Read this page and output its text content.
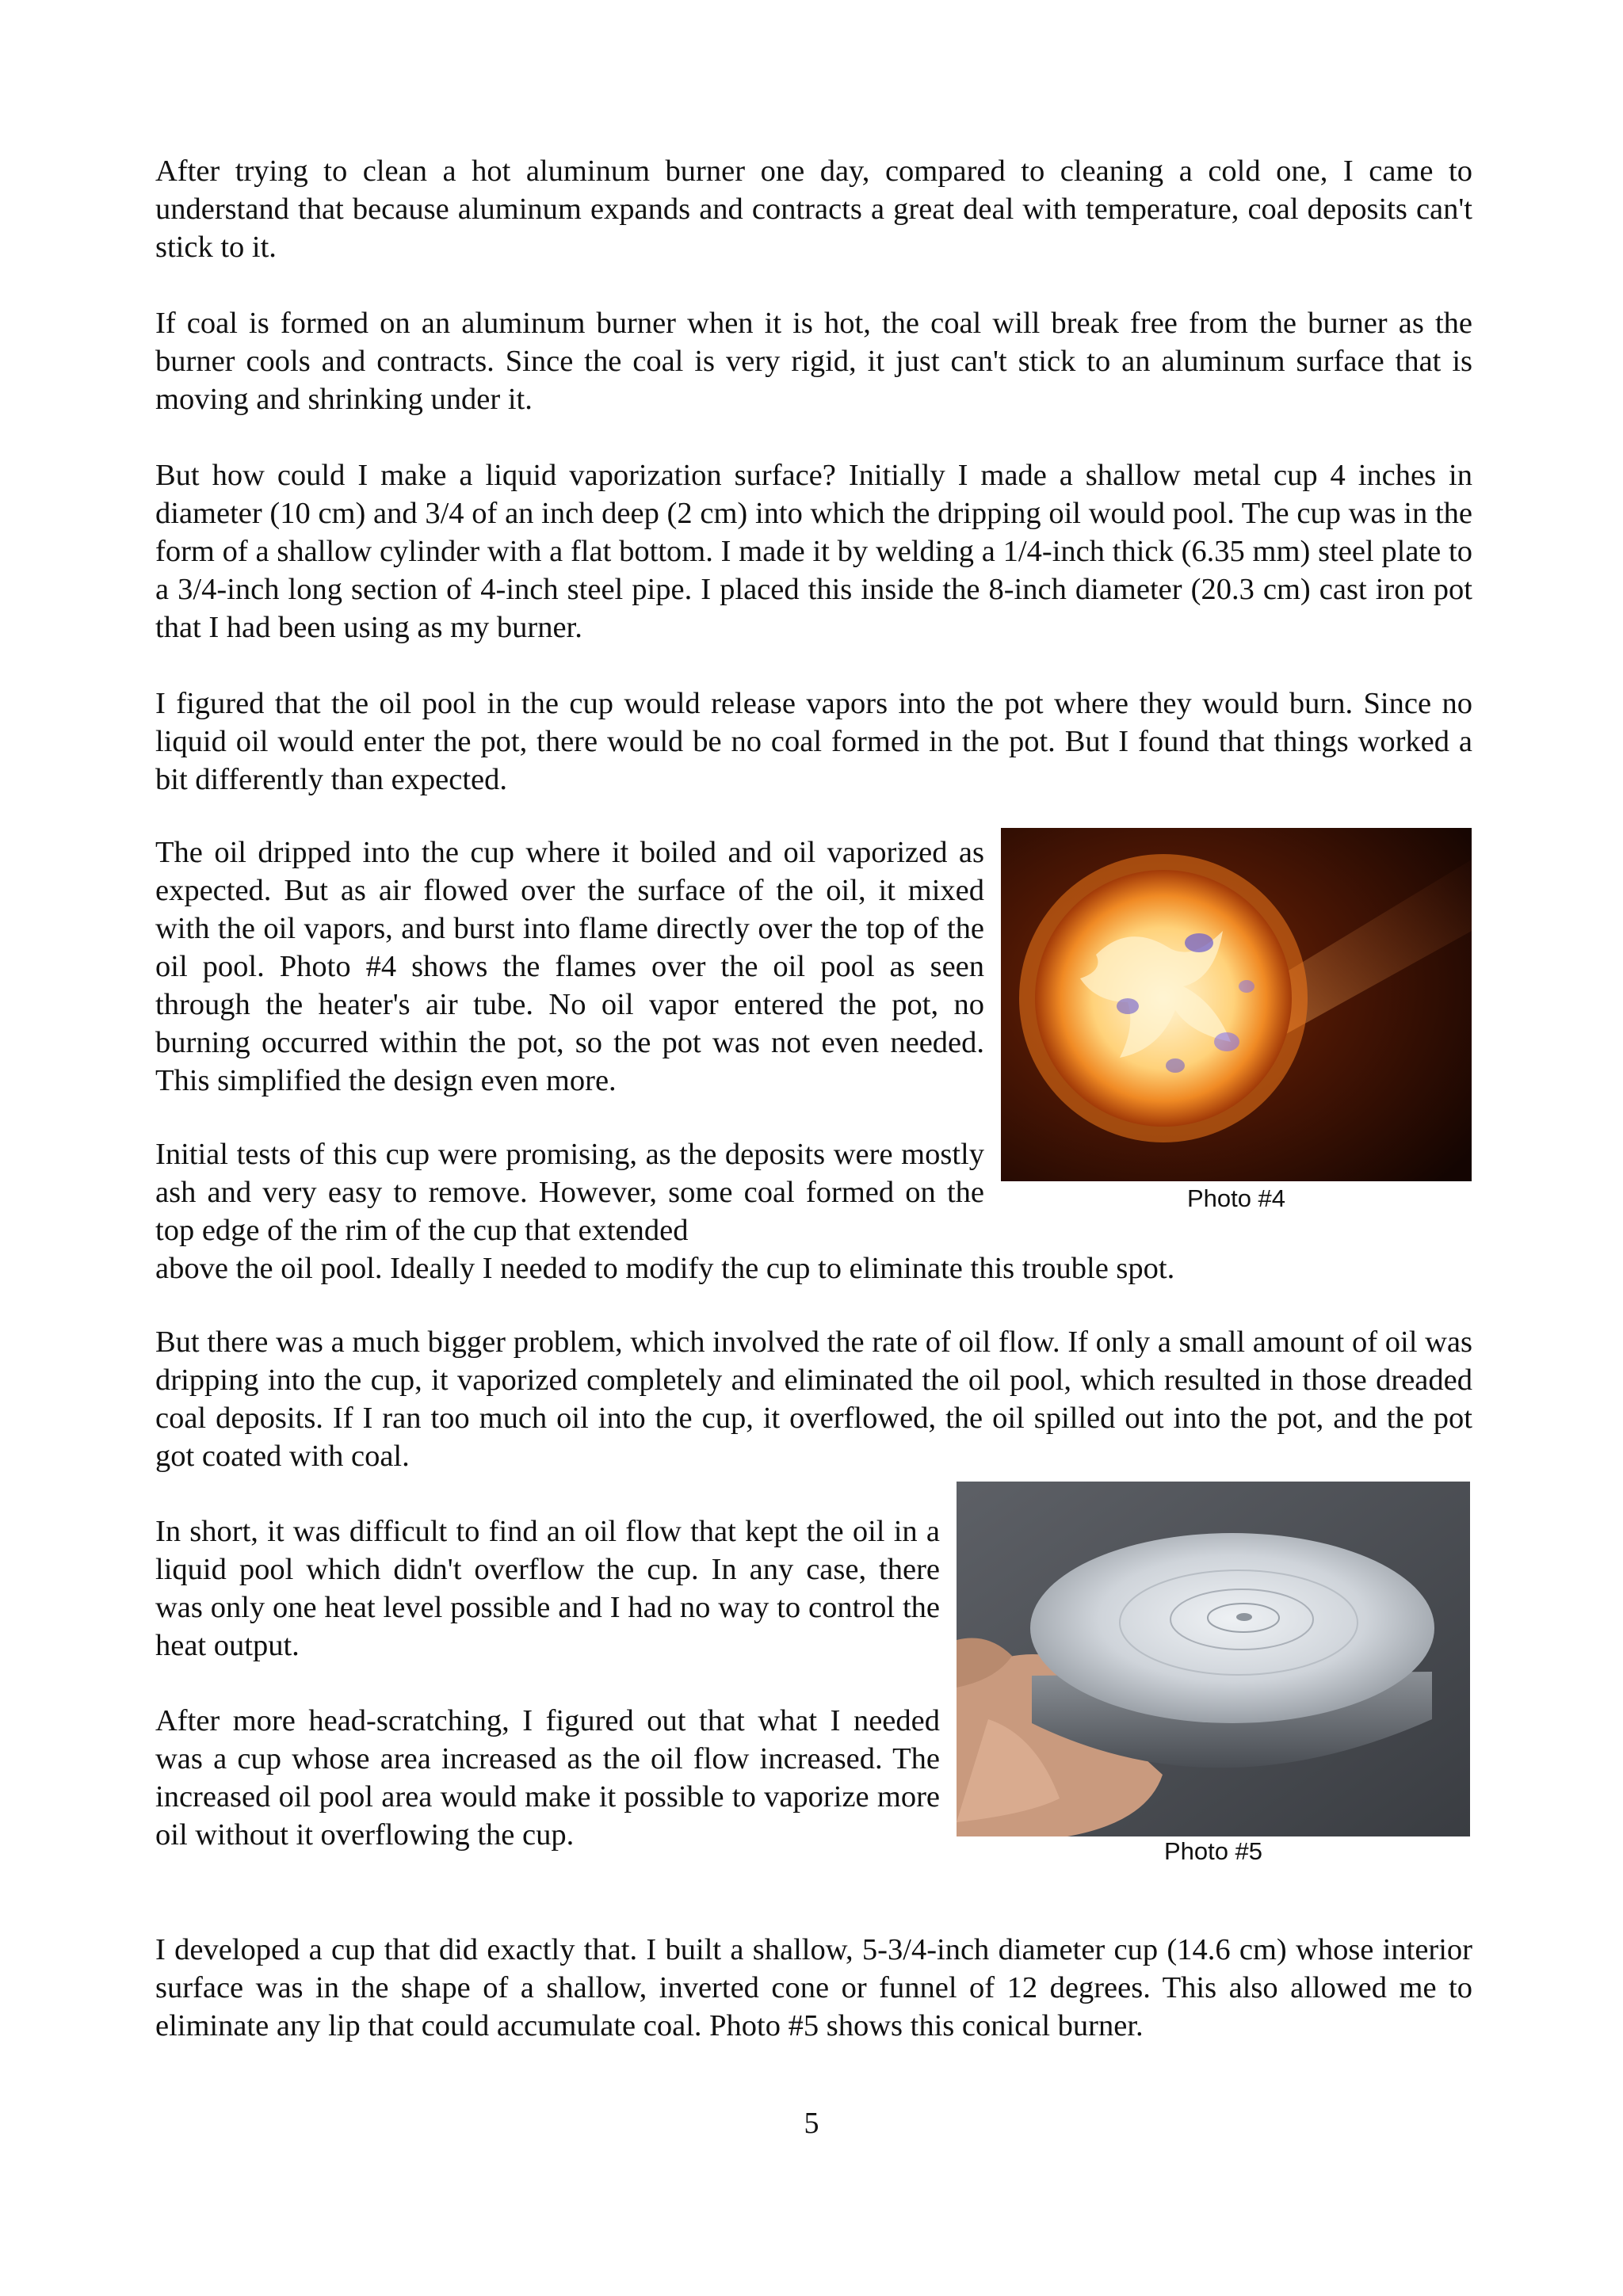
After trying to clean a hot aluminum burner one day, compared to cleaning a cold one, I came to understand that because aluminum expands and contracts a great deal with temperature, coal deposits can't stick to it.

If coal is formed on an aluminum burner when it is hot, the coal will break free from the burner as the burner cools and contracts. Since the coal is very rigid, it just can't stick to an aluminum surface that is moving and shrinking under it.

But how could I make a liquid vaporization surface? Initially I made a shallow metal cup 4 inches in diameter (10 cm) and 3/4 of an inch deep (2 cm) into which the dripping oil would pool. The cup was in the form of a shallow cylinder with a flat bottom. I made it by welding a 1/4-inch thick (6.35 mm) steel plate to a 3/4-inch long section of 4-inch steel pipe. I placed this inside the 8-inch diameter (20.3 cm) cast iron pot that I had been using as my burner.

I figured that the oil pool in the cup would release vapors into the pot where they would burn. Since no liquid oil would enter the pot, there would be no coal formed in the pot. But I found that things worked a bit differently than expected.

The oil dripped into the cup where it boiled and oil vaporized as expected. But as air flowed over the surface of the oil, it mixed with the oil vapors, and burst into flame directly over the top of the oil pool. Photo #4 shows the flames over the oil pool as seen through the heater's air tube. No oil vapor entered the pot, no burning occurred within the pot, so the pot was not even needed. This simplified the design even more.

Initial tests of this cup were promising, as the deposits were mostly ash and very easy to remove. However, some coal formed on the top edge of the rim of the cup that extended

above the oil pool. Ideally I needed to modify the cup to eliminate this trouble spot.

Photo #4

But there was a much bigger problem, which involved the rate of oil flow. If only a small amount of oil was dripping into the cup, it vaporized completely and eliminated the oil pool, which resulted in those dreaded coal deposits. If I ran too much oil into the cup, it overflowed, the oil spilled out into the pot, and the pot got coated with coal.

In short, it was difficult to find an oil flow that kept the oil in a liquid pool which didn't overflow the cup. In any case, there was only one heat level possible and I had no way to control the heat output.

After more head-scratching, I figured out that what I needed was a cup whose area increased as the oil flow increased. The increased oil pool area would make it possible to vaporize more oil without it overflowing the cup.	Photo #5

I developed a cup that did exactly that. I built a shallow, 5-3/4-inch diameter cup (14.6 cm) whose interior surface was in the shape of a shallow, inverted cone or funnel of 12 degrees. This also allowed me to eliminate any lip that could accumulate coal. Photo #5 shows this conical burner.

5
